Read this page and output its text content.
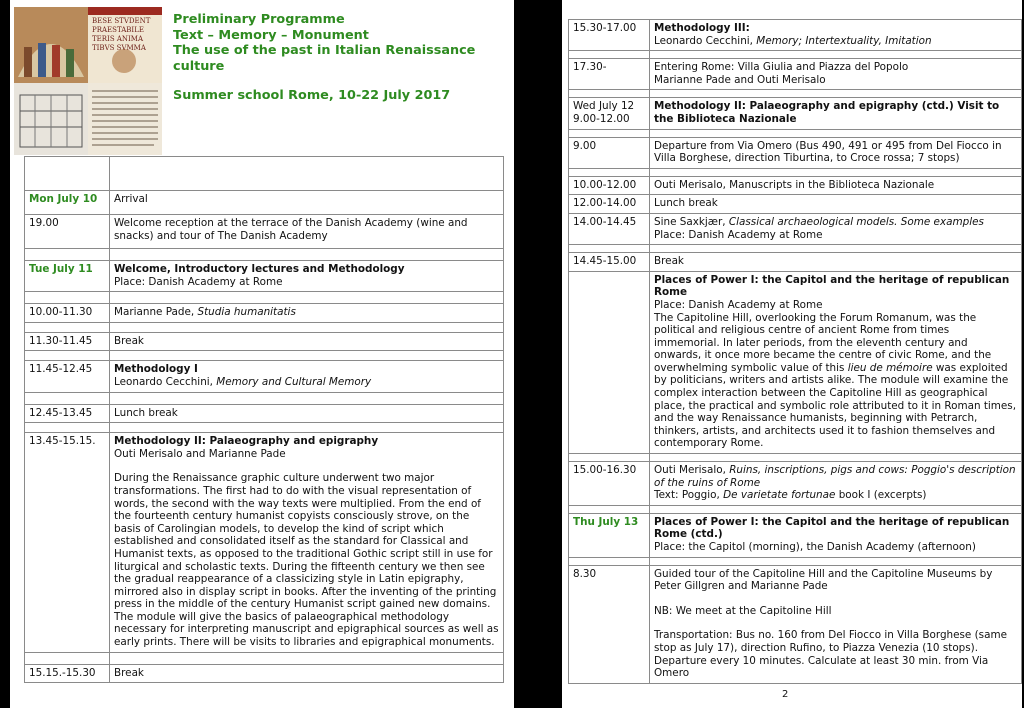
BESE STVDENT
PRAESTABILE
TERIS ANIMA
TIBVS SVMMA
Preliminary Programme
Text – Memory – Monument
The use of the past in Italian Renaissance
culture
Summer school Rome, 10-22 July 2017

Mon July 10	Arrival
19.00	Welcome reception at the terrace of the Danish Academy (wine and snacks) and tour of The Danish Academy

Tue July 11	Welcome, Introductory lectures and Methodology
Place: Danish Academy at Rome

10.00-11.30	Marianne Pade, Studia humanitatis

11.30-11.45	Break

11.45-12.45	Methodology I
Leonardo Cecchini, Memory and Cultural Memory

12.45-13.45	Lunch break

13.45-15.15.	Methodology II: Palaeography and epigraphy
Outi Merisalo and Marianne Pade
During the Renaissance graphic culture underwent two major transformations. The first had to do with the visual representation of words, the second with the way texts were multiplied. From the end of the fourteenth century humanist copyists consciously strove, on the basis of Carolingian models, to develop the kind of script which established and consolidated itself as the standard for Classical and Humanist texts, as opposed to the traditional Gothic script still in use for liturgical and scholastic texts. During the fifteenth century we then see the gradual reappearance of a classicizing style in Latin epigraphy, mirrored also in display script in books. After the inventing of the printing press in the middle of the century Humanist script gained new domains. The module will give the basics of palaeographical methodology necessary for interpreting manuscript and epigraphical sources as well as early prints. There will be visits to libraries and epigraphical monuments.

15.15.-15.30	Break
15.30-17.00	Methodology III:
Leonardo Cecchini, Memory; Intertextuality, Imitation

17.30-	Entering Rome: Villa Giulia and Piazza del Popolo
Marianne Pade and Outi Merisalo

Wed July 12
9.00-12.00	Methodology II: Palaeography and epigraphy (ctd.) Visit to the Biblioteca Nazionale

9.00	Departure from Via Omero (Bus 490, 491 or 495 from Del Fiocco in Villa Borghese, direction Tiburtina, to Croce rossa; 7 stops)

10.00-12.00	Outi Merisalo, Manuscripts in the Biblioteca Nazionale
12.00-14.00	Lunch break
14.00-14.45	Sine Saxkjær, Classical archaeological models. Some examples
Place: Danish Academy at Rome

14.45-15.00	Break

	Places of Power I: the Capitol and the heritage of republican Rome
Place: Danish Academy at Rome
The Capitoline Hill, overlooking the Forum Romanum, was the political and religious centre of ancient Rome from times immemorial. In later periods, from the eleventh century and onwards, it once more became the centre of civic Rome, and the overwhelming symbolic value of this lieu de mémoire was exploited by politicians, writers and artists alike. The module will examine the complex interaction between the Capitoline Hill as geographical place, the practical and symbolic role attributed to it in Roman times, and the way Renaissance humanists, beginning with Petrarch, thinkers, artists, and architects used it to fashion themselves and contemporary Rome.

15.00-16.30	Outi Merisalo, Ruins, inscriptions, pigs and cows: Poggio's description of the ruins of Rome
Text: Poggio, De varietate fortunae book I (excerpts)

Thu July 13	Places of Power I: the Capitol and the heritage of republican Rome (ctd.)
Place: the Capitol (morning), the Danish Academy (afternoon)

8.30	Guided tour of the Capitoline Hill and the Capitoline Museums by Peter Gillgren and Marianne Pade
NB: We meet at the Capitoline Hill
Transportation: Bus no. 160 from Del Fiocco in Villa Borghese (same stop as July 17), direction Rufino, to Piazza Venezia (10 stops). Departure every 10 minutes. Calculate at least 30 min. from Via Omero
2
